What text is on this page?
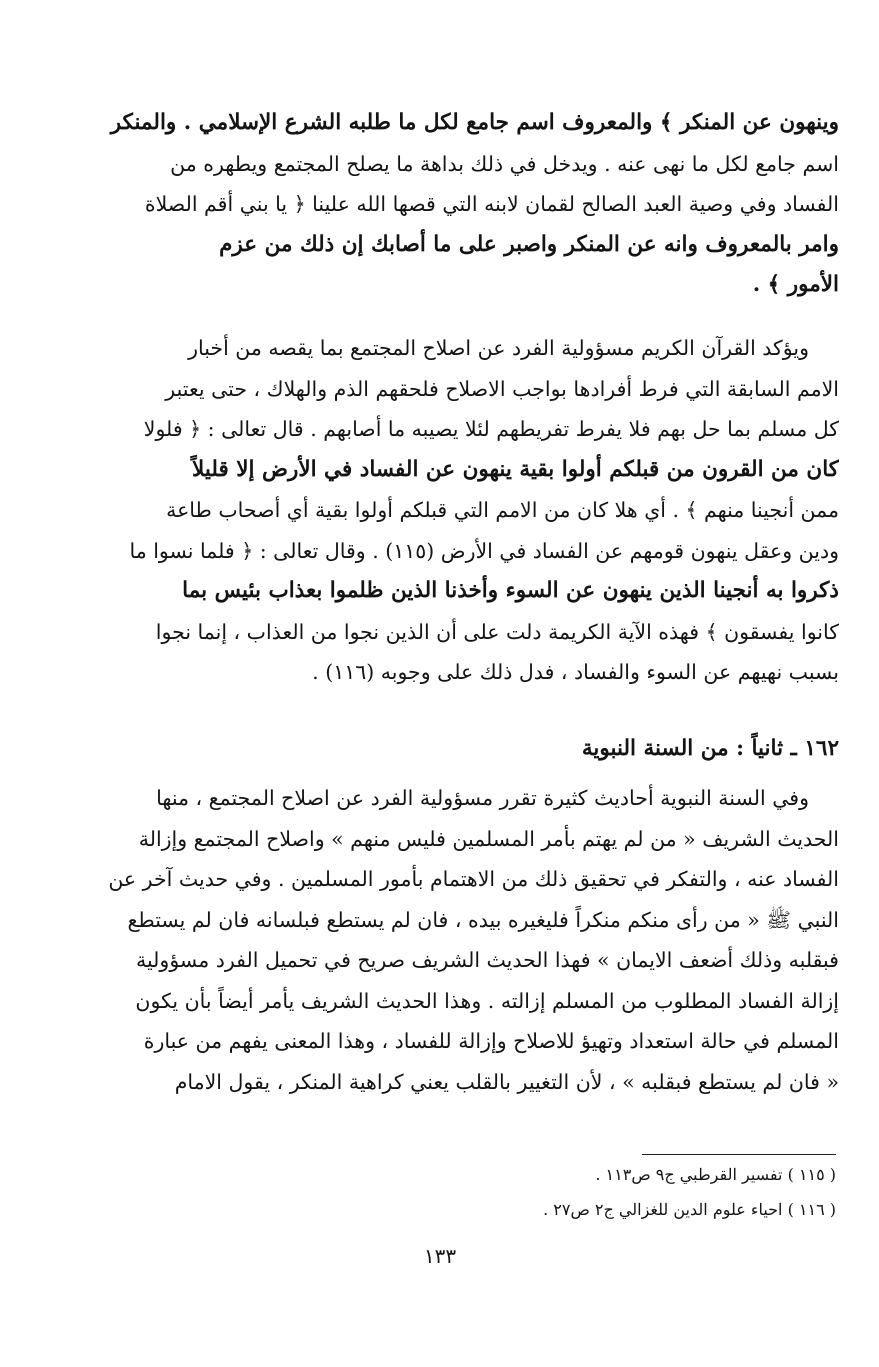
وينهون عن المنكر ﴾ والمعروف اسم جامع لكل ما طلبه الشرع الإسلامي . والمنكر
اسم جامع لكل ما نهى عنه . ويدخل في ذلك بداهة ما يصلح المجتمع ويطهره من
الفساد وفي وصية العبد الصالح لقمان لابنه التي قصها الله علينا ﴿ يا بني أقم الصلاة
وامر بالمعروف وانه عن المنكر واصبر على ما أصابك إن ذلك من عزم
الأمور ﴾ .
ويؤكد القرآن الكريم مسؤولية الفرد عن اصلاح المجتمع بما يقصه من أخبار
الامم السابقة التي فرط أفرادها بواجب الاصلاح فلحقهم الذم والهلاك ، حتى يعتبر
كل مسلم بما حل بهم فلا يفرط تفريطهم لئلا يصيبه ما أصابهم . قال تعالى : ﴿ فلولا
كان من القرون من قبلكم أولوا بقية ينهون عن الفساد في الأرض إلا قليلاً
ممن أنجينا منهم ﴾ . أي هلا كان من الامم التي قبلكم أولوا بقية أي أصحاب طاعة
ودين وعقل ينهون قومهم عن الفساد في الأرض (١١٥) . وقال تعالى : ﴿ فلما نسوا ما
ذكروا به أنجينا الذين ينهون عن السوء وأخذنا الذين ظلموا بعذاب بئيس بما
كانوا يفسقون ﴾ فهذه الآية الكريمة دلت على أن الذين نجوا من العذاب ، إنما نجوا
بسبب نهيهم عن السوء والفساد ، فدل ذلك على وجوبه (١١٦) .
١٦٢ ـ ثانياً : من السنة النبوية
وفي السنة النبوية أحاديث كثيرة تقرر مسؤولية الفرد عن اصلاح المجتمع ، منها
الحديث الشريف « من لم يهتم بأمر المسلمين فليس منهم » واصلاح المجتمع وإزالة
الفساد عنه ، والتفكر في تحقيق ذلك من الاهتمام بأمور المسلمين . وفي حديث آخر عن
النبي ﷺ « من رأى منكم منكراً فليغيره بيده ، فان لم يستطع فبلسانه فان لم يستطع
فبقلبه وذلك أضعف الايمان » فهذا الحديث الشريف صريح في تحميل الفرد مسؤولية
إزالة الفساد المطلوب من المسلم إزالته . وهذا الحديث الشريف يأمر أيضاً بأن يكون
المسلم في حالة استعداد وتهيؤ للاصلاح وإزالة للفساد ، وهذا المعنى يفهم من عبارة
« فان لم يستطع فبقلبه » ، لأن التغيير بالقلب يعني كراهية المنكر ، يقول الامام
( ١١٥ ) تفسير القرطبي ج٩ ص١١٣ .
( ١١٦ ) احياء علوم الدين للغزالي ج٢ ص٢٧ .
١٣٣
